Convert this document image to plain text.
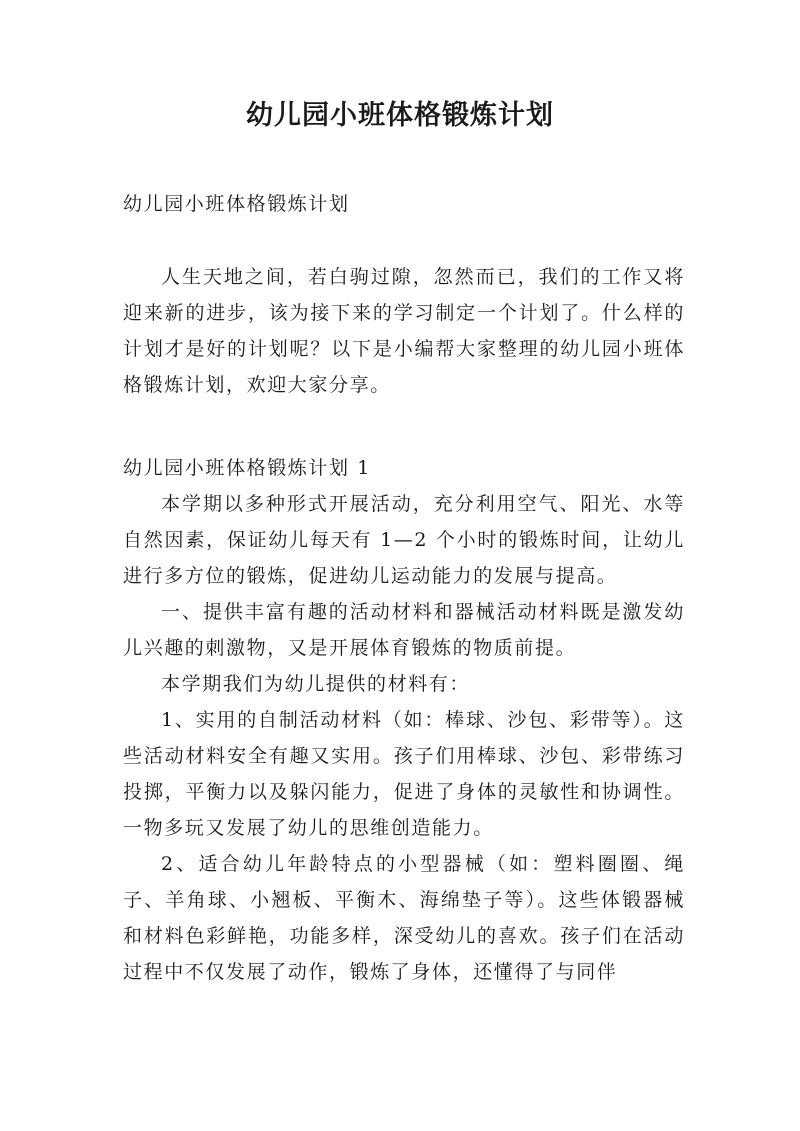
幼儿园小班体格锻炼计划

幼儿园小班体格锻炼计划

人生天地之间，若白驹过隙，忽然而已，我们的工作又将迎来新的进步，该为接下来的学习制定一个计划了。什么样的计划才是好的计划呢？以下是小编帮大家整理的幼儿园小班体格锻炼计划，欢迎大家分享。

幼儿园小班体格锻炼计划 1

本学期以多种形式开展活动，充分利用空气、阳光、水等自然因素，保证幼儿每天有 1—2 个小时的锻炼时间，让幼儿进行多方位的锻炼，促进幼儿运动能力的发展与提高。

一、提供丰富有趣的活动材料和器械活动材料既是激发幼儿兴趣的刺激物，又是开展体育锻炼的物质前提。

本学期我们为幼儿提供的材料有：

1、实用的自制活动材料（如：棒球、沙包、彩带等）。这些活动材料安全有趣又实用。孩子们用棒球、沙包、彩带练习投掷，平衡力以及躲闪能力，促进了身体的灵敏性和协调性。一物多玩又发展了幼儿的思维创造能力。

2、适合幼儿年龄特点的小型器械（如：塑料圈圈、绳子、羊角球、小翘板、平衡木、海绵垫子等）。这些体锻器械和材料色彩鲜艳，功能多样，深受幼儿的喜欢。孩子们在活动过程中不仅发展了动作，锻炼了身体，还懂得了与同伴
